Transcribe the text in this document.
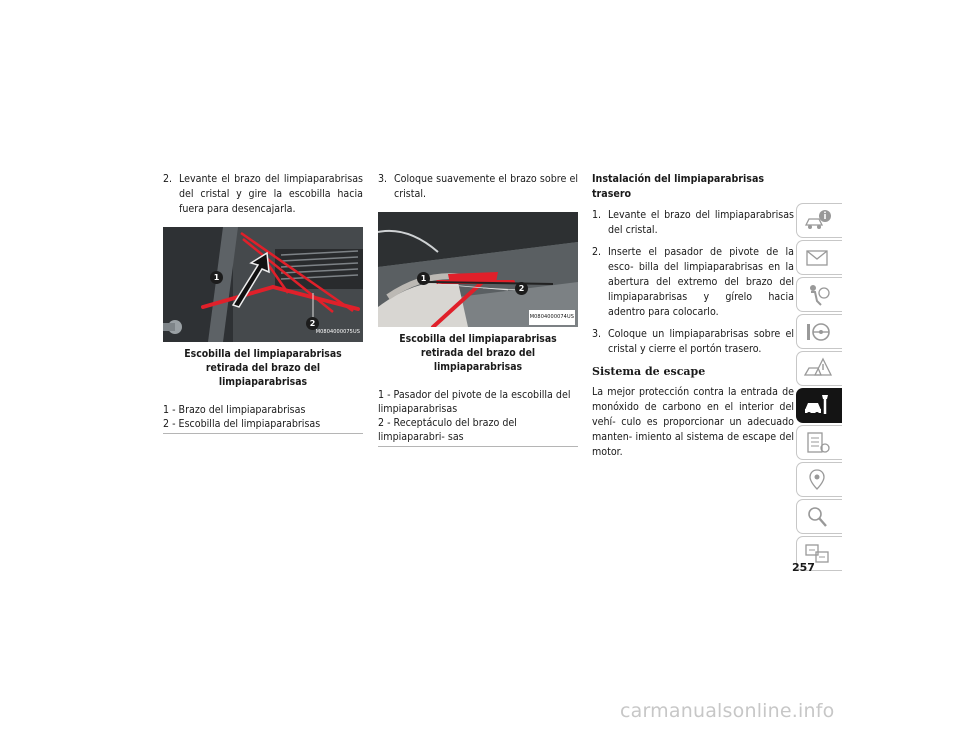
2. Levante el brazo del limpiaparabrisas del cristal y gire la escobilla hacia fuera para desencajarla.
1
2
M0804000075US
Escobilla del limpiaparabrisas retirada del brazo del limpiaparabrisas
1 - Brazo del limpiaparabrisas
2 - Escobilla del limpiaparabrisas
3. Coloque suavemente el brazo sobre el cristal.
1
2
M0804000074US
Escobilla del limpiaparabrisas retirada del brazo del limpiaparabrisas
1 - Pasador del pivote de la escobilla del limpiaparabrisas
2 - Receptáculo del brazo del limpiaparabri- sas
Instalación del limpiaparabrisas trasero
1. Levante el brazo del limpiaparabrisas del cristal.
2. Inserte el pasador de pivote de la esco- billa del limpiaparabrisas en la abertura del extremo del brazo del limpiaparabrisas y gírelo hacia adentro para colocarlo.
3. Coloque un limpiaparabrisas sobre el cristal y cierre el portón trasero.
Sistema de escape
La mejor protección contra la entrada de monóxido de carbono en el interior del vehí- culo es proporcionar un adecuado manten- imiento al sistema de escape del motor.
257
carmanualsonline.info
